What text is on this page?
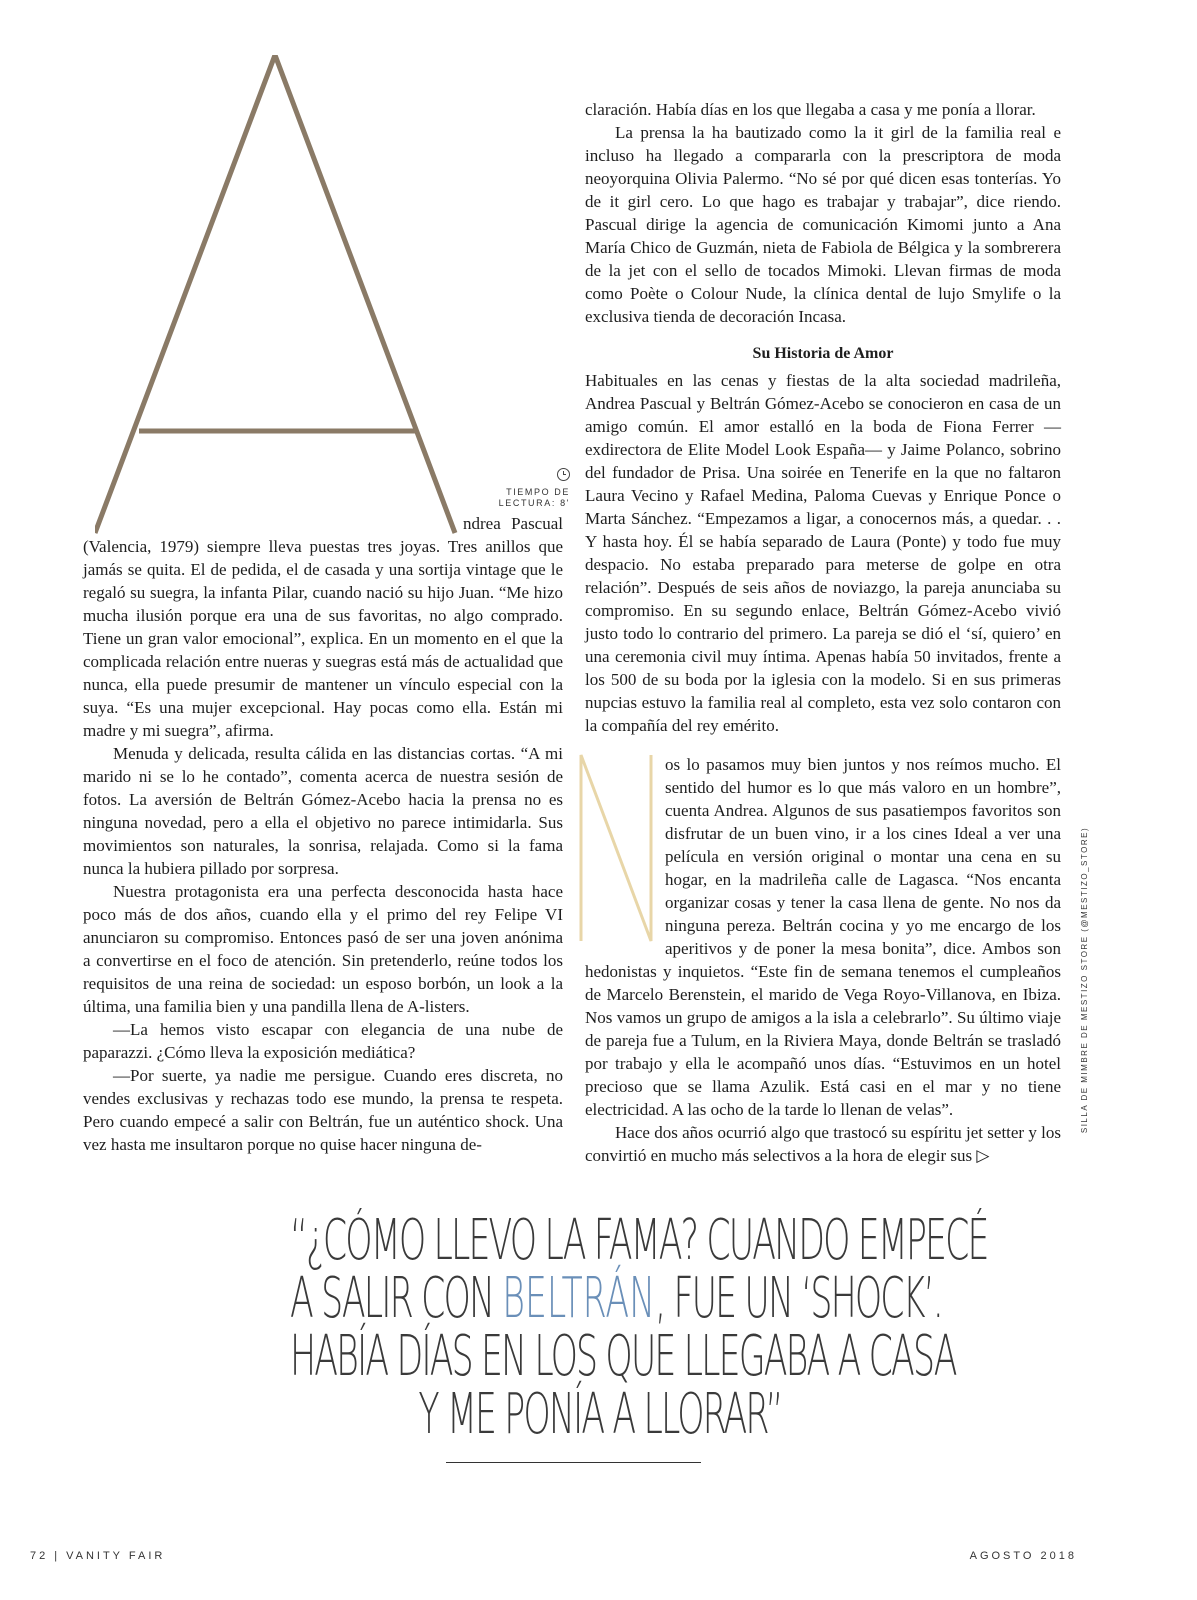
TIEMPO DE
LECTURA: 8'

ndrea Pascual (Valencia, 1979) siempre lleva puestas tres joyas. Tres anillos que jamás se quita. El de pedida, el de casada y una sortija vintage que le regaló su suegra, la infanta Pilar, cuando nació su hijo Juan. “Me hizo mucha ilusión porque era una de sus favoritas, no algo comprado. Tiene un gran valor emocional”, explica. En un momento en el que la complicada relación entre nueras y suegras está más de actualidad que nunca, ella puede presumir de mantener un vínculo especial con la suya. “Es una mujer excepcional. Hay pocas como ella. Están mi madre y mi suegra”, afirma.

Menuda y delicada, resulta cálida en las distancias cortas. “A mi marido ni se lo he contado”, comenta acerca de nuestra sesión de fotos. La aversión de Beltrán Gómez-Acebo hacia la prensa no es ninguna novedad, pero a ella el objetivo no parece intimidarla. Sus movimientos son naturales, la sonrisa, relajada. Como si la fama nunca la hubiera pillado por sorpresa.

Nuestra protagonista era una perfecta desconocida hasta hace poco más de dos años, cuando ella y el primo del rey Felipe VI anunciaron su compromiso. Entonces pasó de ser una joven anónima a convertirse en el foco de atención. Sin pretenderlo, reúne todos los requisitos de una reina de sociedad: un esposo borbón, un look a la última, una familia bien y una pandilla llena de A-listers.

—La hemos visto escapar con elegancia de una nube de paparazzi. ¿Cómo lleva la exposición mediática?

—Por suerte, ya nadie me persigue. Cuando eres discreta, no vendes exclusivas y rechazas todo ese mundo, la prensa te respeta. Pero cuando empecé a salir con Beltrán, fue un auténtico shock. Una vez hasta me insultaron porque no quise hacer ninguna de-

claración. Había días en los que llegaba a casa y me ponía a llorar.

La prensa la ha bautizado como la it girl de la familia real e incluso ha llegado a compararla con la prescriptora de moda neoyorquina Olivia Palermo. “No sé por qué dicen esas tonterías. Yo de it girl cero. Lo que hago es trabajar y trabajar”, dice riendo. Pascual dirige la agencia de comunicación Kimomi junto a Ana María Chico de Guzmán, nieta de Fabiola de Bélgica y la sombrerera de la jet con el sello de tocados Mimoki. Llevan firmas de moda como Poète o Colour Nude, la clínica dental de lujo Smylife o la exclusiva tienda de decoración Incasa.

Su Historia de Amor

Habituales en las cenas y fiestas de la alta sociedad madrileña, Andrea Pascual y Beltrán Gómez-Acebo se conocieron en casa de un amigo común. El amor estalló en la boda de Fiona Ferrer —exdirectora de Elite Model Look España— y Jaime Polanco, sobrino del fundador de Prisa. Una soirée en Tenerife en la que no faltaron Laura Vecino y Rafael Medina, Paloma Cuevas y Enrique Ponce o Marta Sánchez. “Empezamos a ligar, a conocernos más, a quedar. . . Y hasta hoy. Él se había separado de Laura (Ponte) y todo fue muy despacio. No estaba preparado para meterse de golpe en otra relación”. Después de seis años de noviazgo, la pareja anunciaba su compromiso. En su segundo enlace, Beltrán Gómez-Acebo vivió justo todo lo contrario del primero. La pareja se dió el ‘sí, quiero’ en una ceremonia civil muy íntima. Apenas había 50 invitados, frente a los 500 de su boda por la iglesia con la modelo. Si en sus primeras nupcias estuvo la familia real al completo, esta vez solo contaron con la compañía del rey emérito.

os lo pasamos muy bien juntos y nos reímos mucho. El sentido del humor es lo que más valoro en un hombre”, cuenta Andrea. Algunos de sus pasatiempos favoritos son disfrutar de un buen vino, ir a los cines Ideal a ver una película en versión original o montar una cena en su hogar, en la madrileña calle de Lagasca. “Nos encanta organizar cosas y tener la casa llena de gente. No nos da ninguna pereza. Beltrán cocina y yo me encargo de los aperitivos y de poner la mesa bonita”, dice. Ambos son hedonistas y inquietos. “Este fin de semana tenemos el cumpleaños de Marcelo Berenstein, el marido de Vega Royo-Villanova, en Ibiza. Nos vamos un grupo de amigos a la isla a celebrarlo”. Su último viaje de pareja fue a Tulum, en la Riviera Maya, donde Beltrán se trasladó por trabajo y ella le acompañó unos días. “Estuvimos en un hotel precioso que se llama Azulik. Está casi en el mar y no tiene electricidad. A las ocho de la tarde lo llenan de velas”.

Hace dos años ocurrió algo que trastocó su espíritu jet setter y los convirtió en mucho más selectivos a la hora de elegir sus ▷

SILLA DE MIMBRE DE MESTIZO STORE (@MESTIZO_STORE)
“¿CÓMO LLEVO LA FAMA? CUANDO EMPECÉ
A SALIR CON BELTRÁN, FUE UN ‘SHOCK’.
HABÍA DÍAS EN LOS QUE LLEGABA A CASA
Y ME PONÍA A LLORAR”
72 | VANITY FAIR	AGOSTO 2018
